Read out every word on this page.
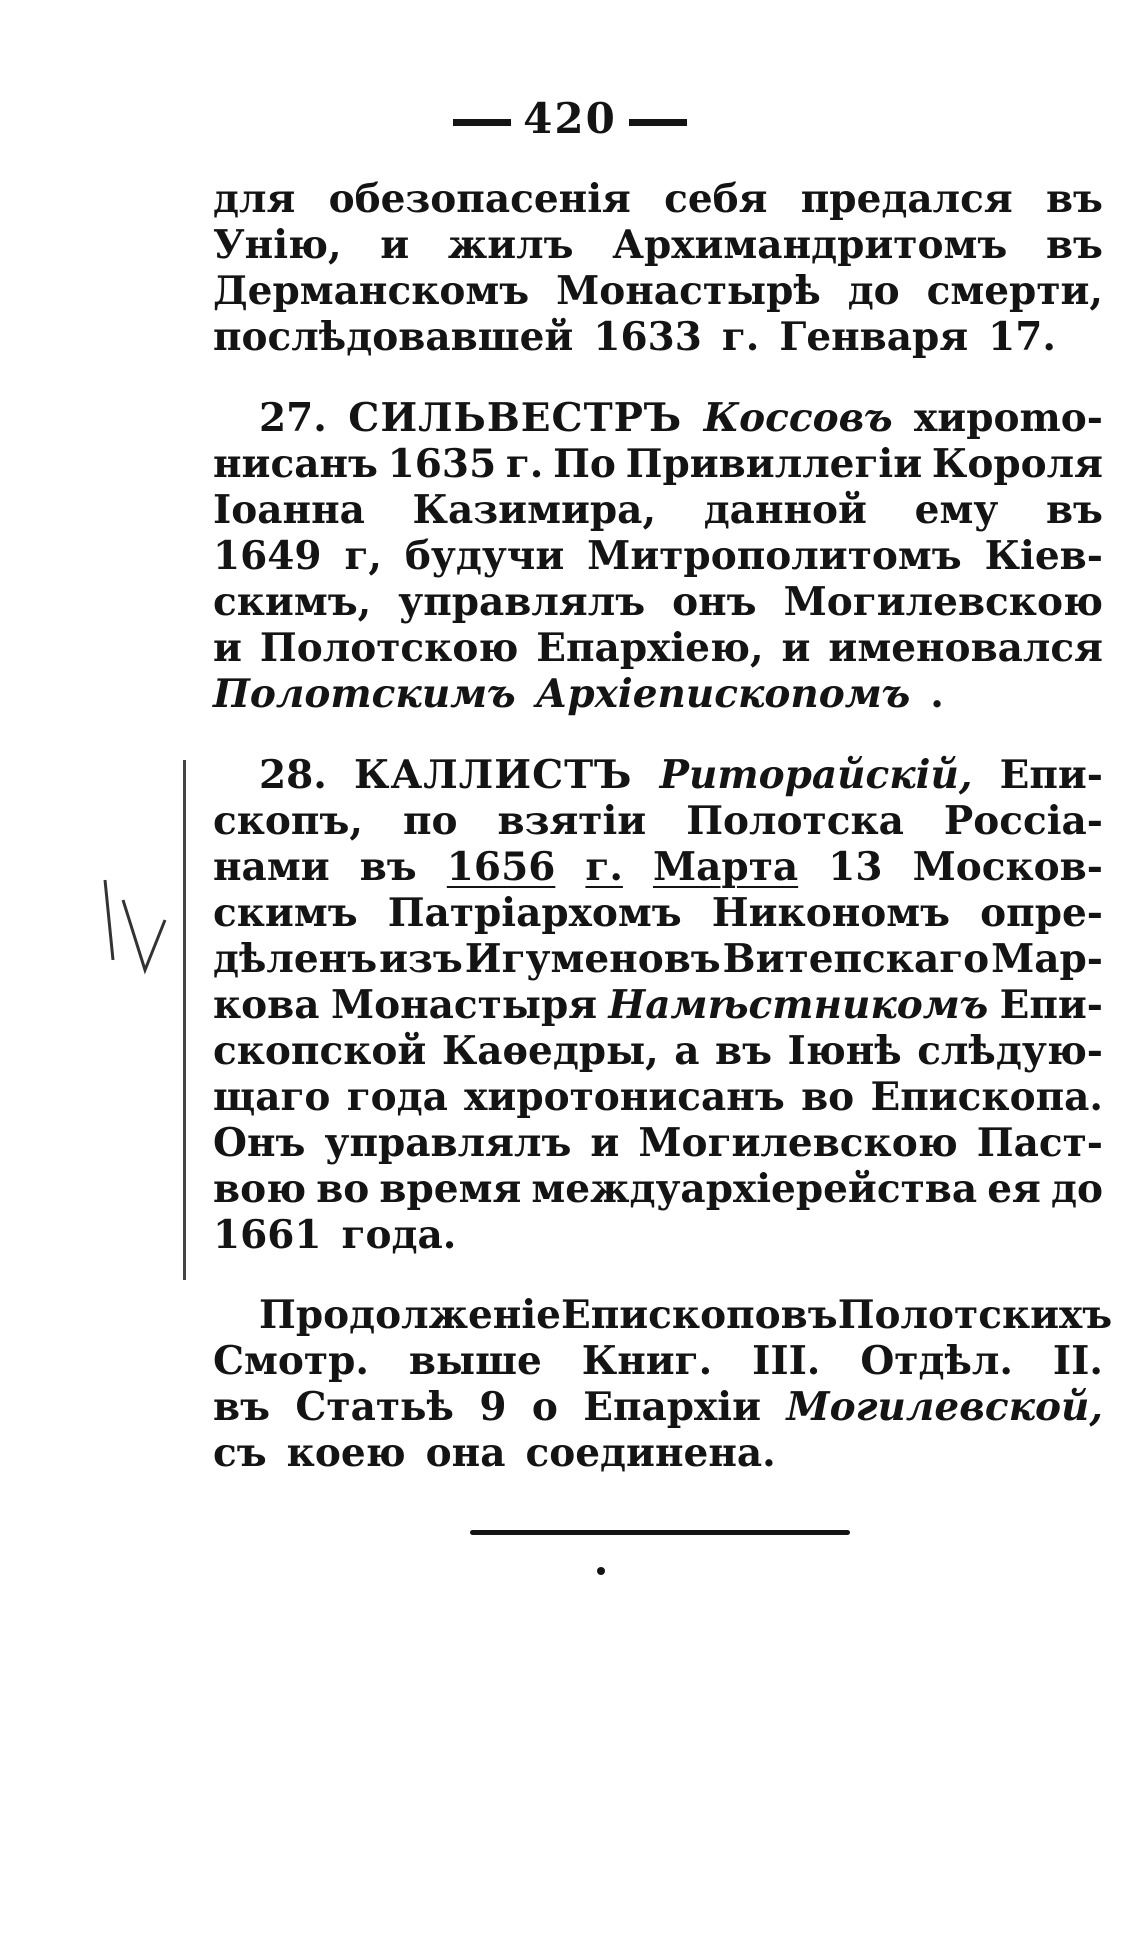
420
для обезопасенія себя предался въ
Унію, и жилъ Архимандритомъ въ
Дерманскомъ Монастырѣ до смерти,
послѣдовавшей 1633 г. Генваря 17.
27. СИЛЬВЕСТРЪ Коссовъ хироmо-
нисанъ 1635 г. По Привиллегіи Короля
Іоанна Казимира, данной ему въ
1649 г, будучи Митрополитомъ Кіев-
скимъ, управлялъ онъ Могилевскою
и Полотскою Епархіею, и именовался
Полотскимъ Архіепископомъ .
28. КАЛЛИСТЪ Риторайскій, Епи-
скопъ, по взятіи Полотска Россіа-
нами въ 1656 г. Марта 13 Москов-
скимъ Патріархомъ Никономъ опре-
дѣленъ изъ Игуменовъ Витепскаго Мар-
кова Монастыря Намѣстникомъ Епи-
скопской Каѳедры, а въ Іюнѣ слѣдую-
щаго года хиротонисанъ во Епископа.
Онъ управлялъ и Могилевскою Паст-
вою во время междуархіерейства ея до
1661 года.
Продолженіе Епископовъ Полотскихъ
Смотр. выше Книг. III. Отдѣл. II.
въ Статьѣ 9 о Епархіи Могилевской,
съ коею она соединена.
